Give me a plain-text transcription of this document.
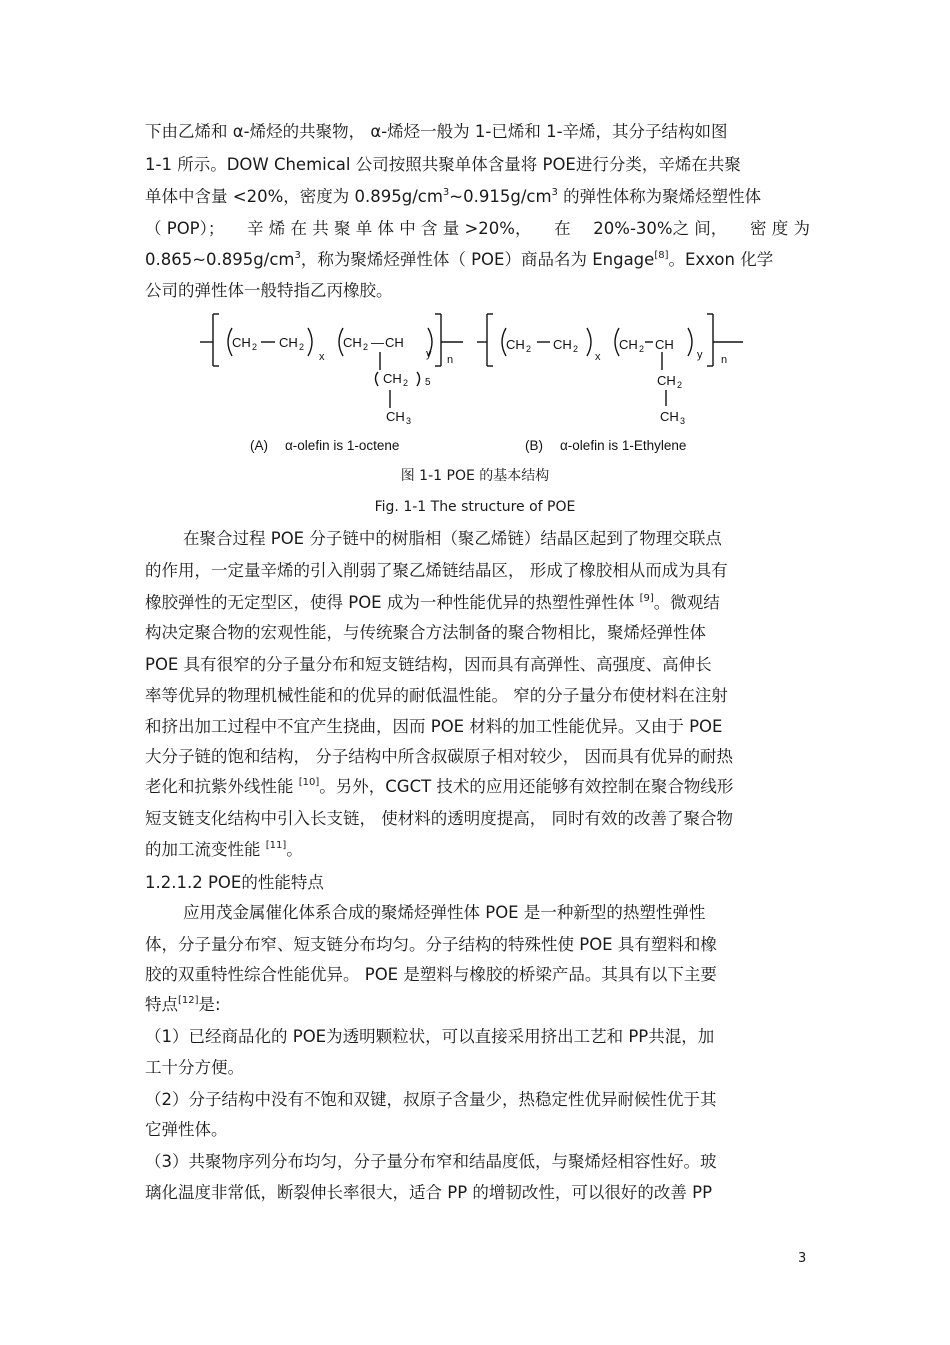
下由乙烯和 α-烯烃的共聚物， α-烯烃一般为 1-已烯和 1-辛烯，其分子结构如图
1-1 所示。DOW Chemical 公司按照共聚单体含量将 POE进行分类，辛烯在共聚
单体中含量 <20%，密度为 $0.895g/cm^3\sim 0.915g/cm^3$ 的弹性体称为聚烯烃塑性体
（ POP）； 辛 烯 在 共 聚 单 体 中 含 量 >20%， 在 20%-30%之 间， 密 度 为
$0.865\sim 0.895g/cm^3$，称为聚烯烃弹性体（ POE）商品名为 Engage[8]。Exxon 化学
公司的弹性体一般特指乙丙橡胶。
CH 2 CH 2
x
CH 2 — CH
y n
CH 2 5
CH 3
CH 2 CH 2
x
CH 2 CH
y n
CH 2
CH 3
(A) α-olefin is 1-octene	(B) α-olefin is 1-Ethylene
图 1-1 POE 的基本结构
Fig. 1-1 The structure of POE
在聚合过程 POE 分子链中的树脂相（聚乙烯链）结晶区起到了物理交联点
的作用，一定量辛烯的引入削弱了聚乙烯链结晶区， 形成了橡胶相从而成为具有
橡胶弹性的无定型区，使得 POE 成为一种性能优异的热塑性弹性体 [9]。微观结
构决定聚合物的宏观性能，与传统聚合方法制备的聚合物相比，聚烯烃弹性体
POE 具有很窄的分子量分布和短支链结构，因而具有高弹性、高强度、高伸长
率等优异的物理机械性能和的优异的耐低温性能。 窄的分子量分布使材料在注射
和挤出加工过程中不宜产生挠曲，因而 POE 材料的加工性能优异。又由于 POE
大分子链的饱和结构， 分子结构中所含叔碳原子相对较少， 因而具有优异的耐热
老化和抗紫外线性能 [10]。另外，CGCT 技术的应用还能够有效控制在聚合物线形
短支链支化结构中引入长支链， 使材料的透明度提高， 同时有效的改善了聚合物
的加工流变性能 [11]。
1.2.1.2 POE的性能特点
应用茂金属催化体系合成的聚烯烃弹性体 POE 是一种新型的热塑性弹性
体，分子量分布窄、短支链分布均匀。分子结构的特殊性使 POE 具有塑料和橡
胶的双重特性综合性能优异。 POE 是塑料与橡胶的桥梁产品。其具有以下主要
特点[12]是:
（1）已经商品化的 POE为透明颗粒状，可以直接采用挤出工艺和 PP共混，加
工十分方便。
（2）分子结构中没有不饱和双键，叔原子含量少，热稳定性优异耐候性优于其
它弹性体。
（3）共聚物序列分布均匀，分子量分布窄和结晶度低，与聚烯烃相容性好。玻
璃化温度非常低，断裂伸长率很大，适合 PP 的增韧改性，可以很好的改善 PP
3
